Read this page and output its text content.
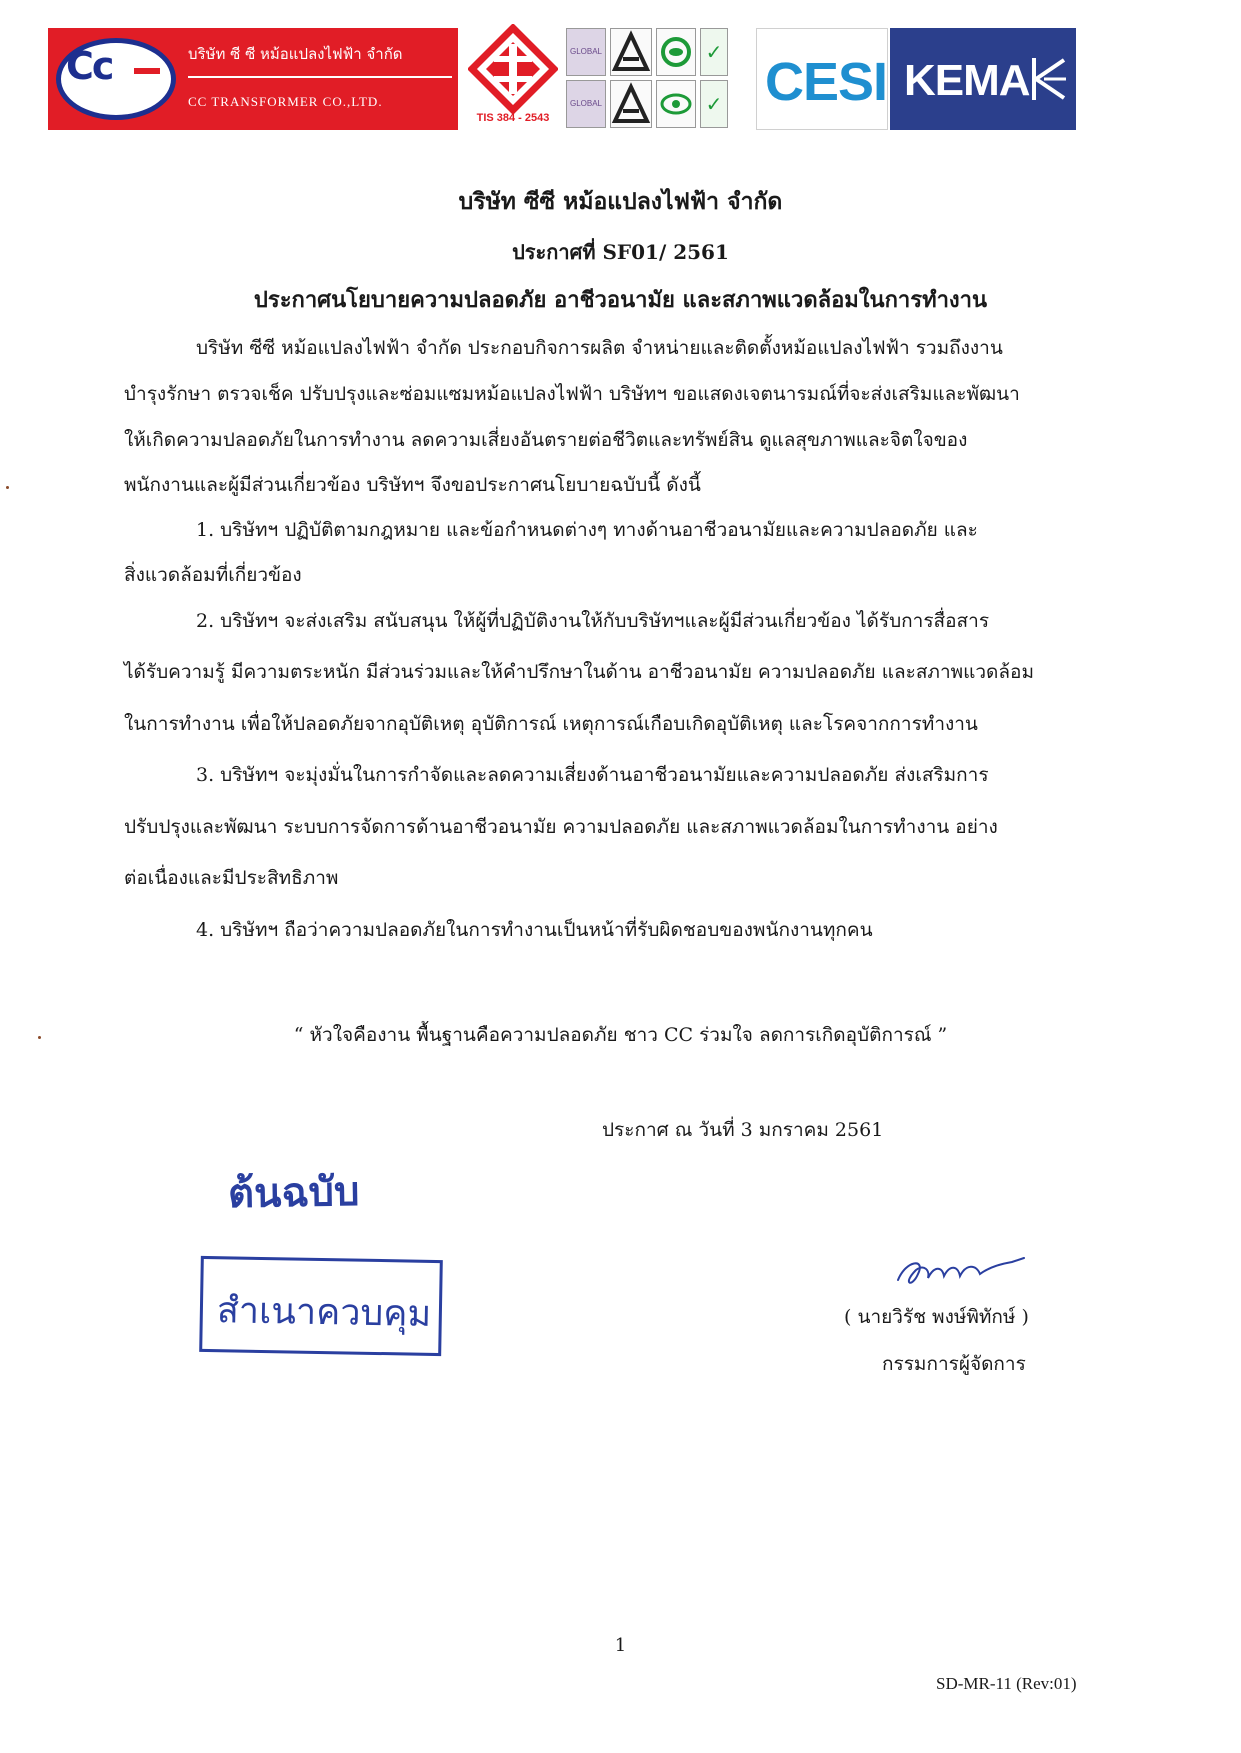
Cc	บริษัท ซี ซี หม้อแปลงไฟฟ้า จำกัด
CC TRANSFORMER CO.,LTD.
TIS 384 - 2543
GLOBAL	✓
GLOBAL	✓ CESI KEMA
บริษัท ซีซี หม้อแปลงไฟฟ้า จำกัด
ประกาศที่ SF01/ 2561
ประกาศนโยบายความปลอดภัย อาชีวอนามัย และสภาพแวดล้อมในการทำงาน
บริษัท ซีซี หม้อแปลงไฟฟ้า จำกัด ประกอบกิจการผลิต จำหน่ายและติดตั้งหม้อแปลงไฟฟ้า รวมถึงงาน
บำรุงรักษา ตรวจเช็ค ปรับปรุงและซ่อมแซมหม้อแปลงไฟฟ้า บริษัทฯ ขอแสดงเจตนารมณ์ที่จะส่งเสริมและพัฒนา
ให้เกิดความปลอดภัยในการทำงาน ลดความเสี่ยงอันตรายต่อชีวิตและทรัพย์สิน ดูแลสุขภาพและจิตใจของ
พนักงานและผู้มีส่วนเกี่ยวข้อง บริษัทฯ จึงขอประกาศนโยบายฉบับนี้ ดังนี้
1. บริษัทฯ ปฏิบัติตามกฎหมาย และข้อกำหนดต่างๆ ทางด้านอาชีวอนามัยและความปลอดภัย และ
สิ่งแวดล้อมที่เกี่ยวข้อง
2. บริษัทฯ จะส่งเสริม สนับสนุน ให้ผู้ที่ปฏิบัติงานให้กับบริษัทฯและผู้มีส่วนเกี่ยวข้อง ได้รับการสื่อสาร
ได้รับความรู้ มีความตระหนัก มีส่วนร่วมและให้คำปรึกษาในด้าน อาชีวอนามัย ความปลอดภัย และสภาพแวดล้อม
ในการทำงาน เพื่อให้ปลอดภัยจากอุบัติเหตุ อุบัติการณ์ เหตุการณ์เกือบเกิดอุบัติเหตุ และโรคจากการทำงาน
3. บริษัทฯ จะมุ่งมั่นในการกำจัดและลดความเสี่ยงด้านอาชีวอนามัยและความปลอดภัย ส่งเสริมการ
ปรับปรุงและพัฒนา ระบบการจัดการด้านอาชีวอนามัย ความปลอดภัย และสภาพแวดล้อมในการทำงาน อย่าง
ต่อเนื่องและมีประสิทธิภาพ
4. บริษัทฯ ถือว่าความปลอดภัยในการทำงานเป็นหน้าที่รับผิดชอบของพนักงานทุกคน
“ หัวใจคืองาน พื้นฐานคือความปลอดภัย ชาว CC ร่วมใจ ลดการเกิดอุบัติการณ์ ”
ประกาศ ณ วันที่ 3 มกราคม 2561
ต้นฉบับ
สำเนาควบคุม	( นายวิรัช พงษ์พิทักษ์ )
กรรมการผู้จัดการ
1
SD-MR-11 (Rev:01)
